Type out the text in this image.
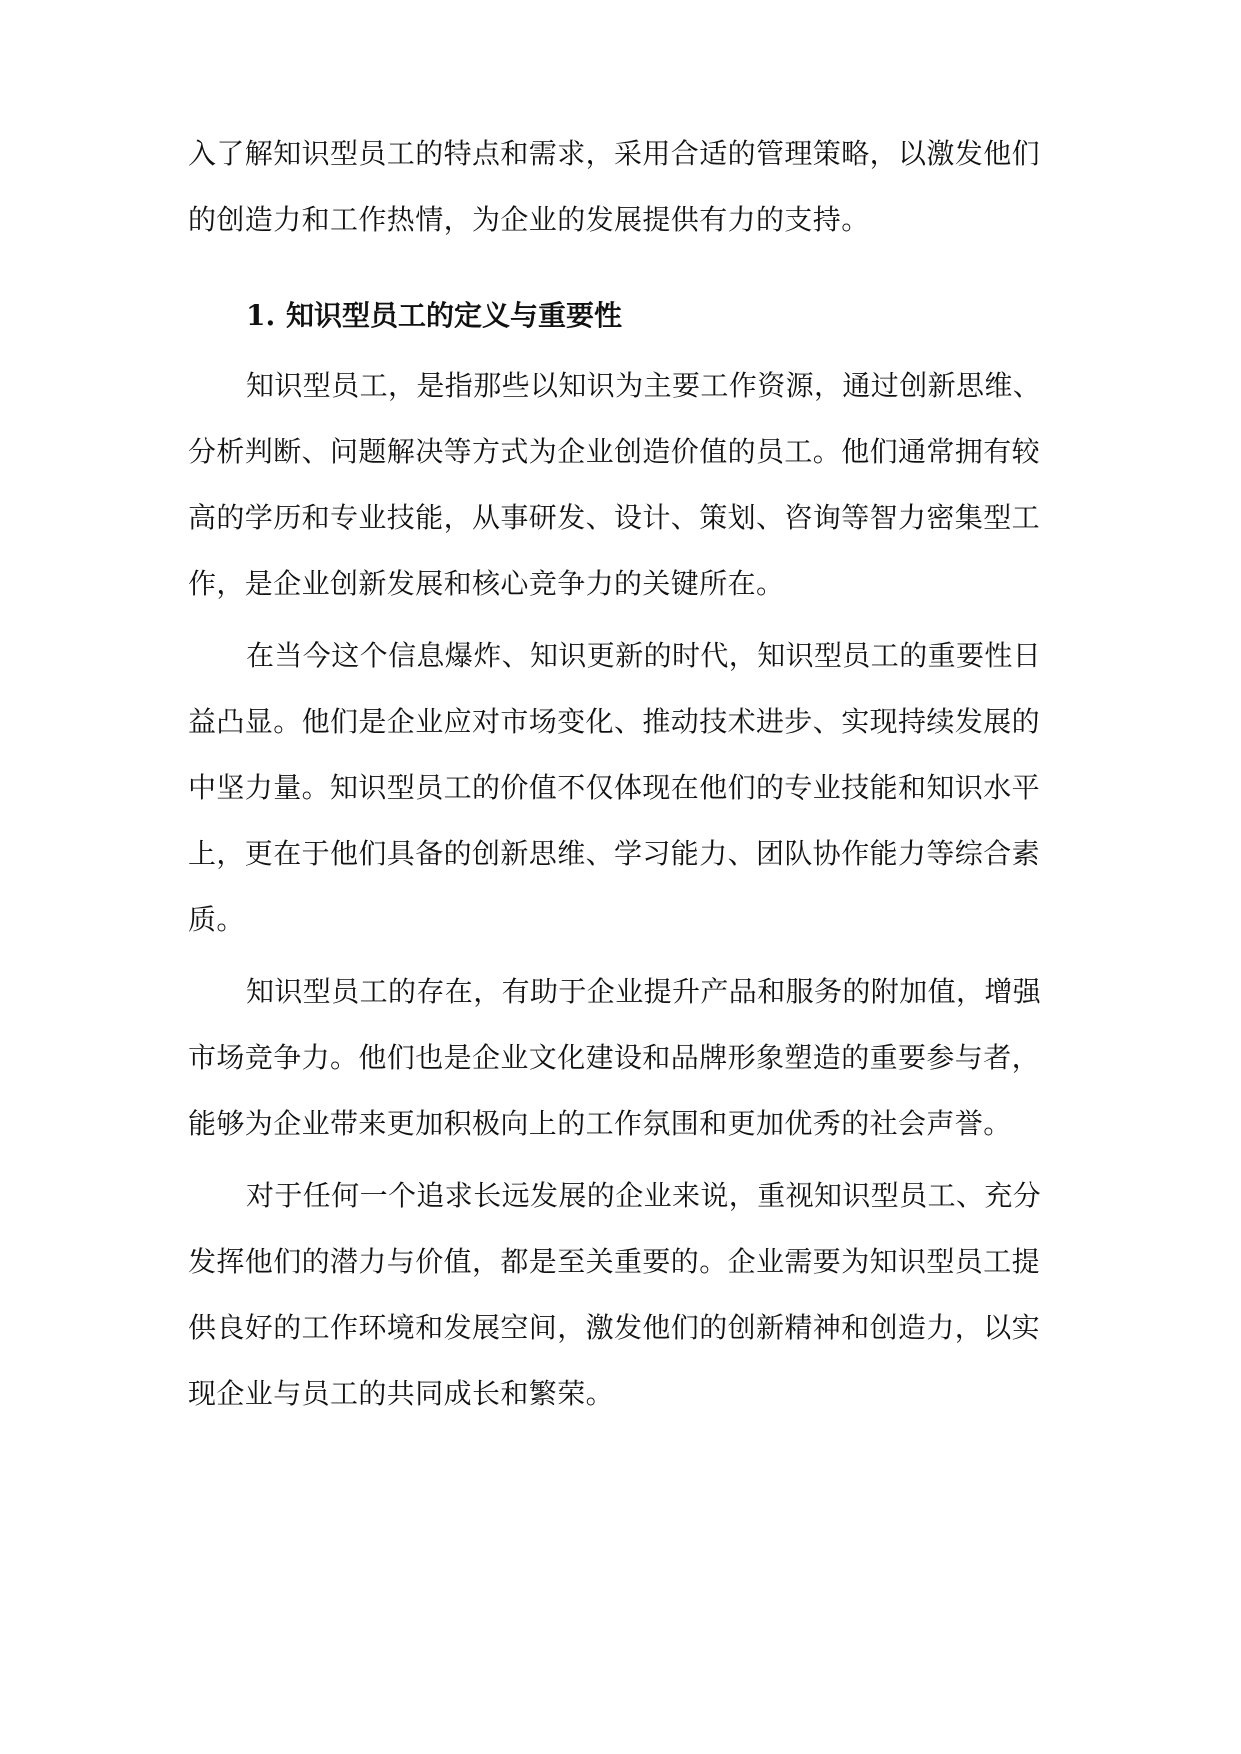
入了解知识型员工的特点和需求，采用合适的管理策略，以激发他们

的创造力和工作热情，为企业的发展提供有力的支持。

1. 知识型员工的定义与重要性

知识型员工，是指那些以知识为主要工作资源，通过创新思维、

分析判断、问题解决等方式为企业创造价值的员工。他们通常拥有较

高的学历和专业技能，从事研发、设计、策划、咨询等智力密集型工

作，是企业创新发展和核心竞争力的关键所在。

在当今这个信息爆炸、知识更新的时代，知识型员工的重要性日

益凸显。他们是企业应对市场变化、推动技术进步、实现持续发展的

中坚力量。知识型员工的价值不仅体现在他们的专业技能和知识水平

上，更在于他们具备的创新思维、学习能力、团队协作能力等综合素

质。

知识型员工的存在，有助于企业提升产品和服务的附加值，增强

市场竞争力。他们也是企业文化建设和品牌形象塑造的重要参与者，

能够为企业带来更加积极向上的工作氛围和更加优秀的社会声誉。

对于任何一个追求长远发展的企业来说，重视知识型员工、充分

发挥他们的潜力与价值，都是至关重要的。企业需要为知识型员工提

供良好的工作环境和发展空间，激发他们的创新精神和创造力，以实

现企业与员工的共同成长和繁荣。
